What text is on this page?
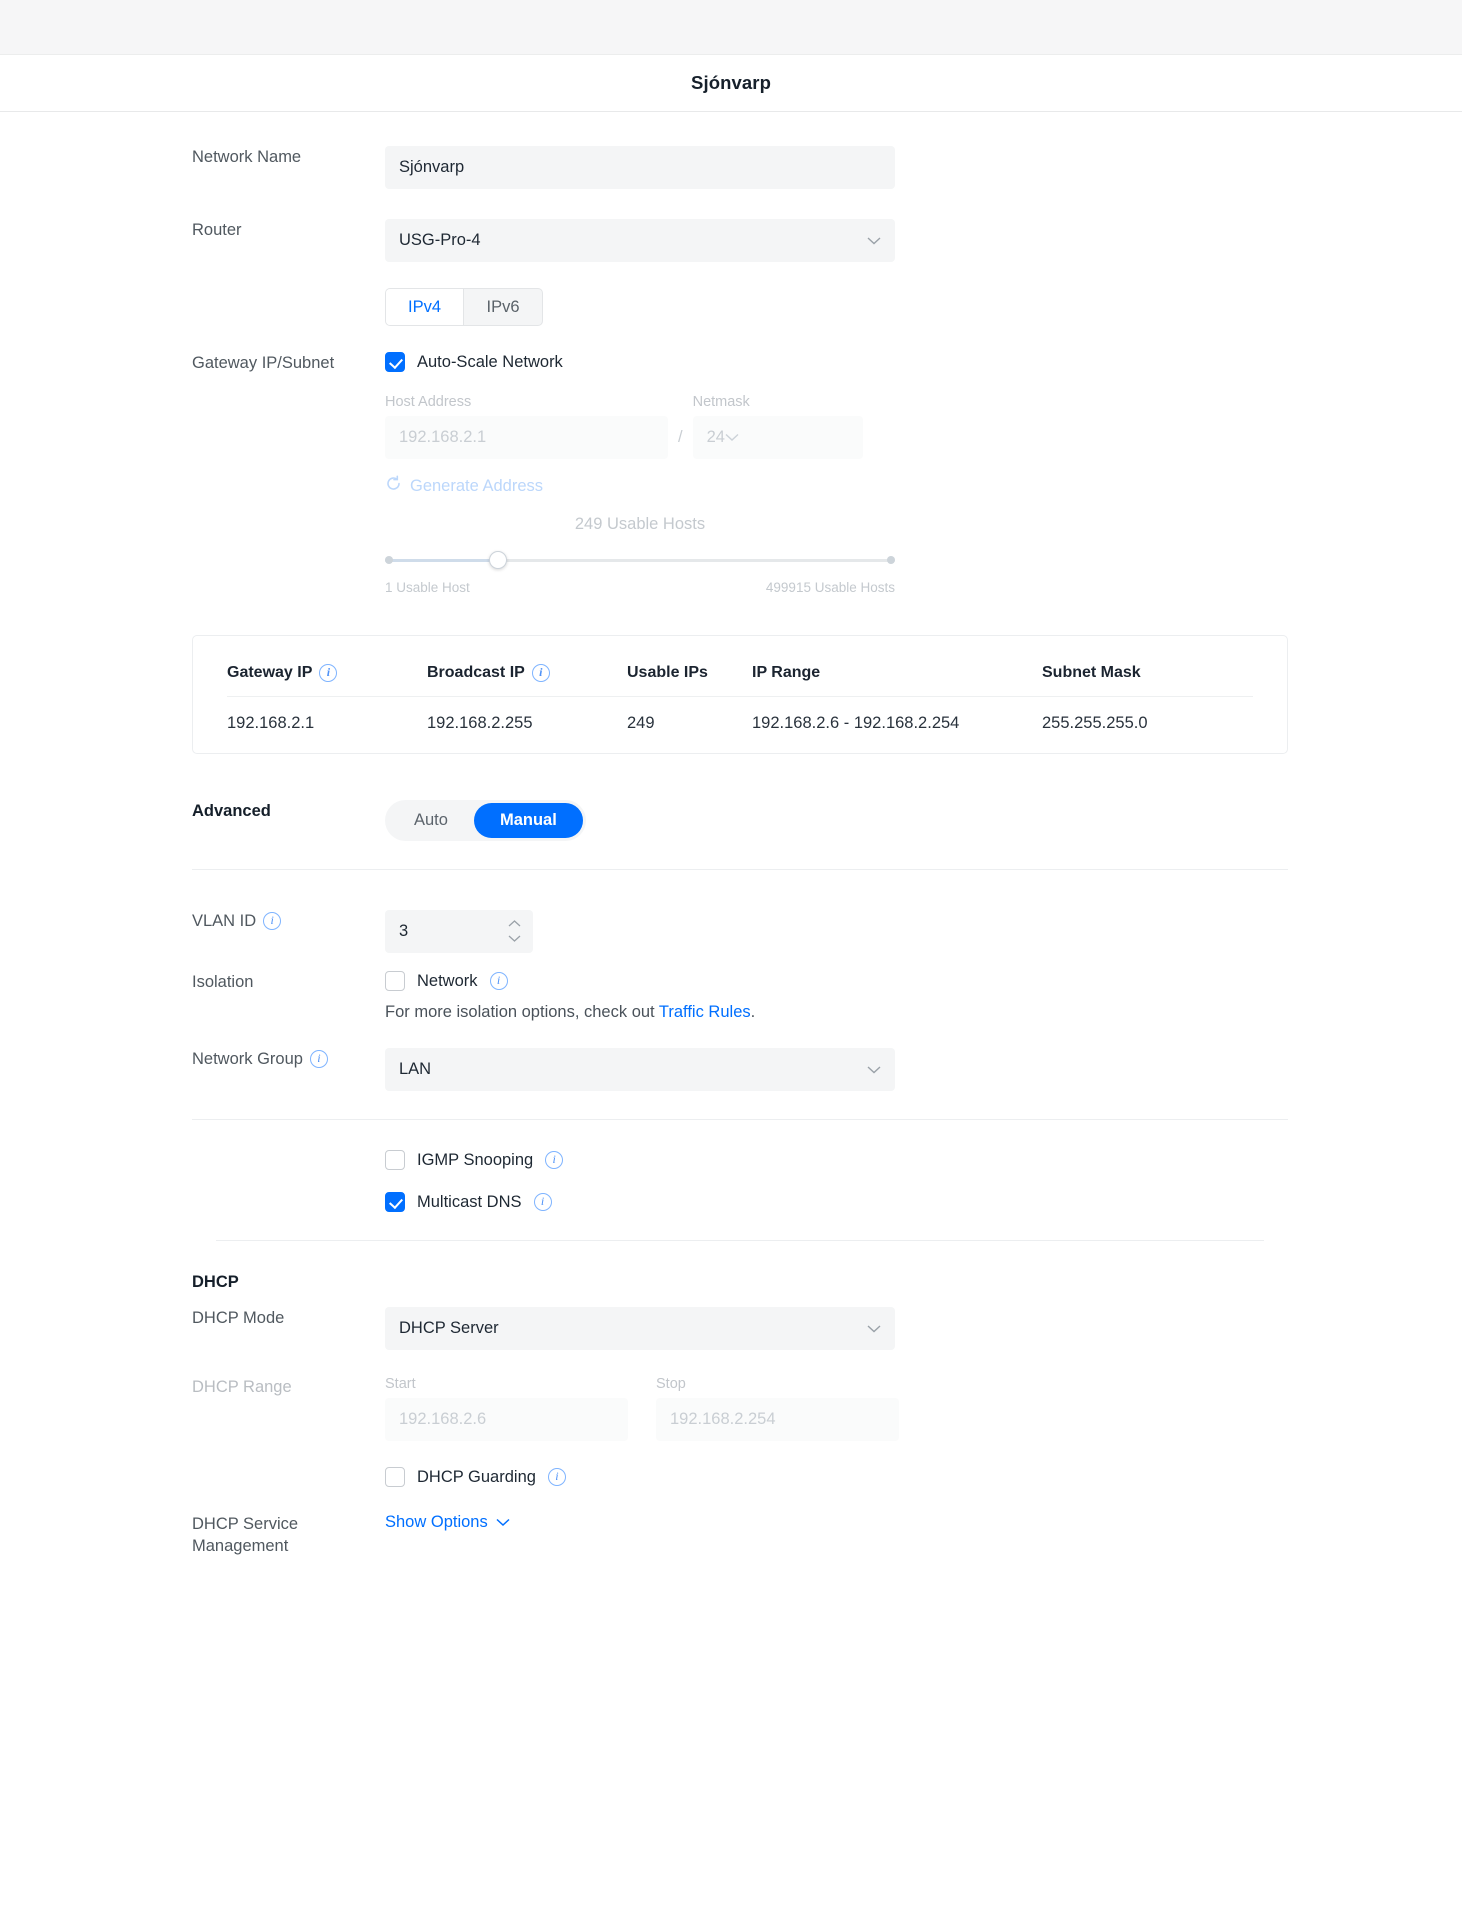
Sjónvarp
Network Name
Sjónvarp
Router
USG-Pro-4
IPv4	IPv6
Gateway IP/Subnet	Auto-Scale Network
Host Address
192.168.2.1
/
Netmask
24
Generate Address
249 Usable Hosts
1 Usable Host	499915 Usable Hosts
Gateway IP i	Broadcast IP i	Usable IPs	IP Range	Subnet Mask
192.168.2.1	192.168.2.255	249	192.168.2.6 - 192.168.2.254	255.255.255.0
Advanced	Auto	Manual
VLAN ID	i
3
Isolation	Network	i
For more isolation options, check out Traffic Rules.
Network Group	i
LAN
IGMP Snooping	i
Multicast DNS	i
DHCP
DHCP Mode
DHCP Server
DHCP Range	Start
192.168.2.6
Stop
192.168.2.254
DHCP Guarding	i
DHCP Service Management
Show Options
